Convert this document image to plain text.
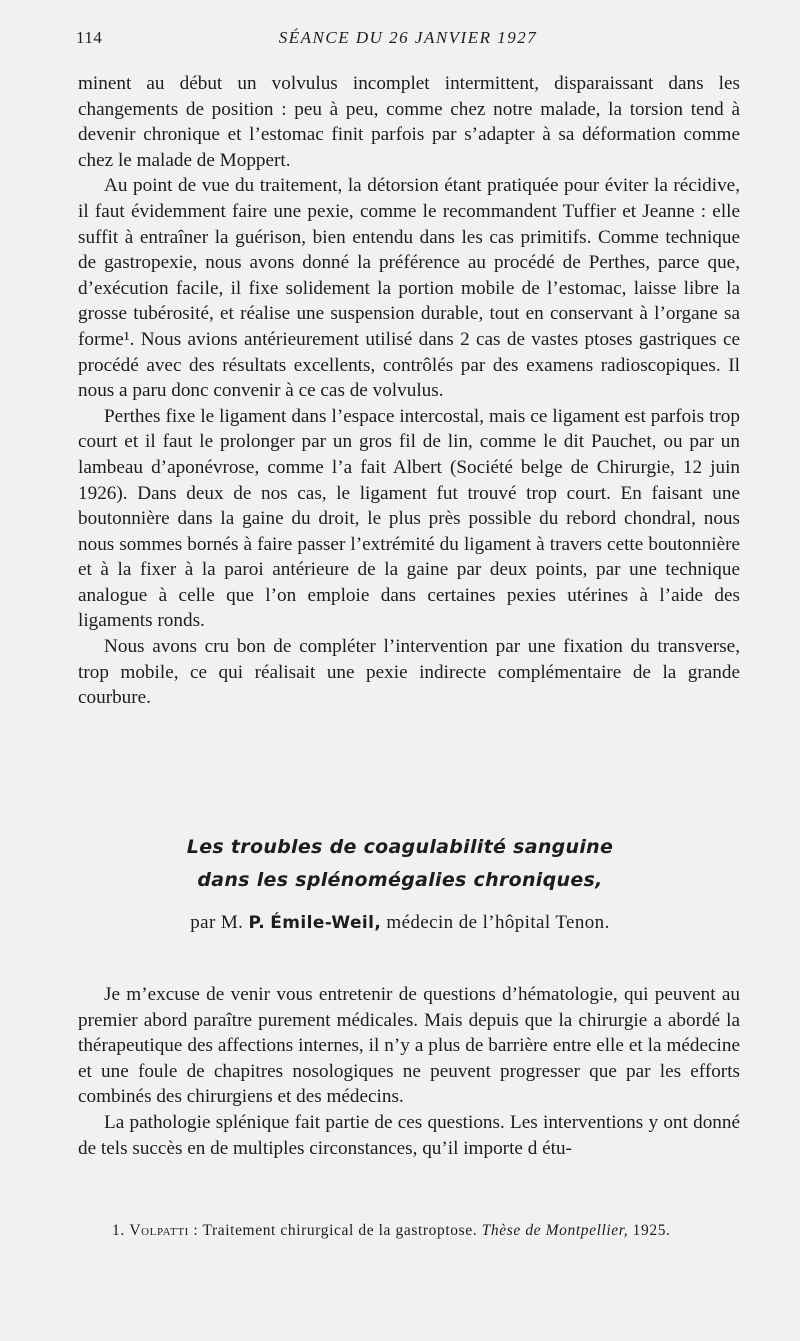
114	SÉANCE DU 26 JANVIER 1927

minent au début un volvulus incomplet intermittent, disparaissant dans les changements de position : peu à peu, comme chez notre malade, la torsion tend à devenir chronique et l’estomac finit parfois par s’adapter à sa déformation comme chez le malade de Moppert.

Au point de vue du traitement, la détorsion étant pratiquée pour éviter la récidive, il faut évidemment faire une pexie, comme le recommandent Tuffier et Jeanne : elle suffit à entraîner la guérison, bien entendu dans les cas primitifs. Comme technique de gastropexie, nous avons donné la préférence au procédé de Perthes, parce que, d’exécution facile, il fixe solidement la portion mobile de l’estomac, laisse libre la grosse tubérosité, et réalise une suspension durable, tout en conservant à l’organe sa forme¹. Nous avions antérieurement utilisé dans 2 cas de vastes ptoses gastriques ce procédé avec des résultats excellents, contrôlés par des examens radioscopiques. Il nous a paru donc convenir à ce cas de volvulus.

Perthes fixe le ligament dans l’espace intercostal, mais ce ligament est parfois trop court et il faut le prolonger par un gros fil de lin, comme le dit Pauchet, ou par un lambeau d’aponévrose, comme l’a fait Albert (Société belge de Chirurgie, 12 juin 1926). Dans deux de nos cas, le ligament fut trouvé trop court. En faisant une boutonnière dans la gaine du droit, le plus près possible du rebord chondral, nous nous sommes bornés à faire passer l’extrémité du ligament à travers cette boutonnière et à la fixer à la paroi antérieure de la gaine par deux points, par une technique analogue à celle que l’on emploie dans certaines pexies utérines à l’aide des ligaments ronds.

Nous avons cru bon de compléter l’intervention par une fixation du transverse, trop mobile, ce qui réalisait une pexie indirecte complémentaire de la grande courbure.

Les troubles de coagulabilité sanguine
dans les splénomégalies chroniques,
par M. P. Émile-Weil, médecin de l’hôpital Tenon.

Je m’excuse de venir vous entretenir de questions d’hématologie, qui peuvent au premier abord paraître purement médicales. Mais depuis que la chirurgie a abordé la thérapeutique des affections internes, il n’y a plus de barrière entre elle et la médecine et une foule de chapitres nosologiques ne peuvent progresser que par les efforts combinés des chirurgiens et des médecins.

La pathologie splénique fait partie de ces questions. Les interventions y ont donné de tels succès en de multiples circonstances, qu’il importe d étu-

1. Volpatti : Traitement chirurgical de la gastroptose. Thèse de Montpellier, 1925.
